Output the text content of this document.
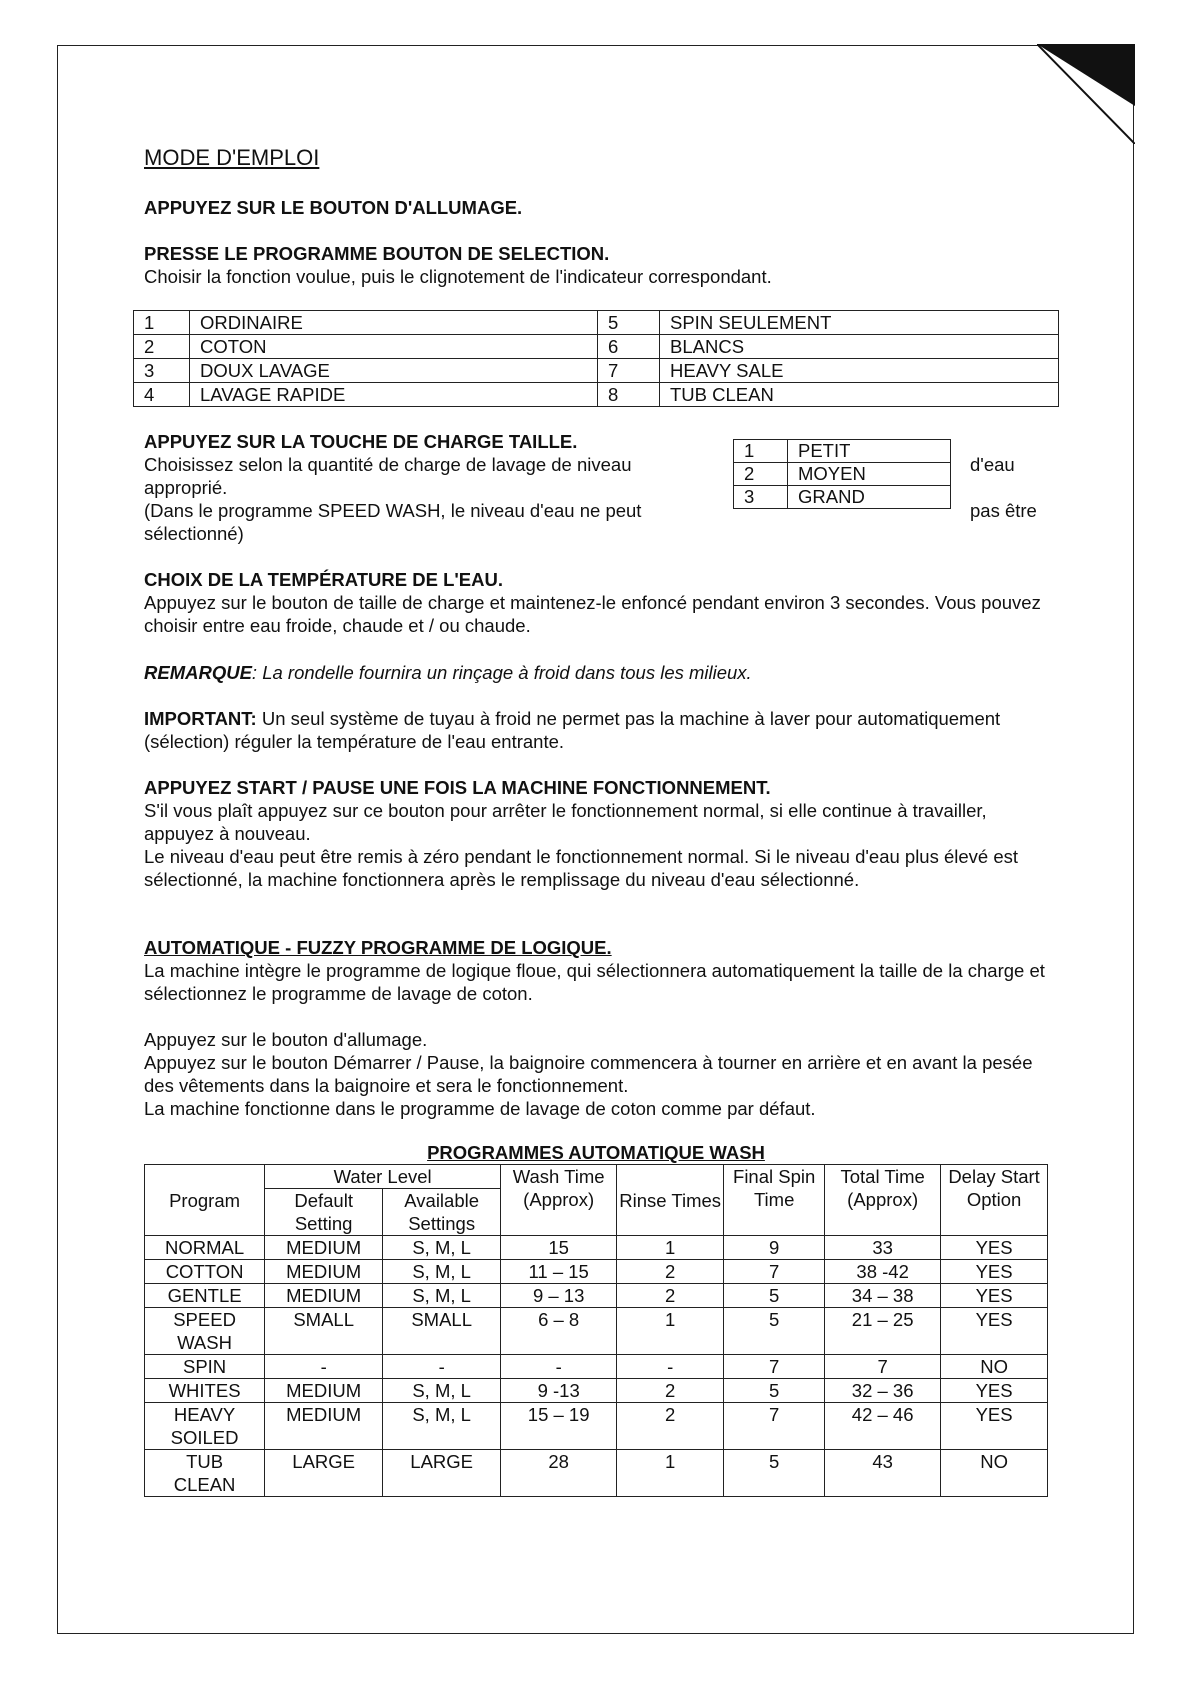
MODE D'EMPLOI

APPUYEZ SUR LE BOUTON D'ALLUMAGE.

PRESSE LE PROGRAMME BOUTON DE SELECTION.

Choisir la fonction voulue, puis le clignotement de l'indicateur correspondant.

1	ORDINAIRE	5	SPIN SEULEMENT
2	COTON	6	BLANCS
3	DOUX LAVAGE	7	HEAVY SALE
4	LAVAGE RAPIDE	8	TUB CLEAN

APPUYEZ SUR LA TOUCHE DE CHARGE TAILLE.

Choisissez selon la quantité de charge de lavage de niveau

approprié.

(Dans le programme SPEED WASH, le niveau d'eau ne peut

sélectionné)

1	PETIT
2	MOYEN
3	GRAND
d'eau
pas être

CHOIX DE LA TEMPÉRATURE DE L'EAU.

Appuyez sur le bouton de taille de charge et maintenez-le enfoncé pendant environ 3 secondes. Vous pouvez choisir entre eau froide, chaude et / ou chaude.

REMARQUE: La rondelle fournira un rinçage à froid dans tous les milieux.

IMPORTANT: Un seul système de tuyau à froid ne permet pas la machine à laver pour automatiquement (sélection) réguler la température de l'eau entrante.

APPUYEZ START / PAUSE UNE FOIS LA MACHINE FONCTIONNEMENT.

S'il vous plaît appuyez sur ce bouton pour arrêter le fonctionnement normal, si elle continue à travailler, appuyez à nouveau.

Le niveau d'eau peut être remis à zéro pendant le fonctionnement normal. Si le niveau d'eau plus élevé est sélectionné, la machine fonctionnera après le remplissage du niveau d'eau sélectionné.

AUTOMATIQUE - FUZZY PROGRAMME DE LOGIQUE.

La machine intègre le programme de logique floue, qui sélectionnera automatiquement la taille de la charge et sélectionnez le programme de lavage de coton.

Appuyez sur le bouton d'allumage.

Appuyez sur le bouton Démarrer / Pause, la baignoire commencera à tourner en arrière et en avant la pesée des vêtements dans la baignoire et sera le fonctionnement.

La machine fonctionne dans le programme de lavage de coton comme par défaut.

PROGRAMMES AUTOMATIQUE WASH
Program	Water Level		Wash Time (Approx)	Rinse Times	Final Spin Time	Total Time (Approx)	Delay Start Option
	Default Setting	Available Settings					
NORMAL	MEDIUM	S, M, L	15	1	9	33	YES
COTTON	MEDIUM	S, M, L	11 – 15	2	7	38 -42	YES
GENTLE	MEDIUM	S, M, L	9 – 13	2	5	34 – 38	YES
SPEED WASH	SMALL	SMALL	6 – 8	1	5	21 – 25	YES
SPIN	-	-	-	-	7	7	NO
WHITES	MEDIUM	S, M, L	9 -13	2	5	32 – 36	YES
HEAVY SOILED	MEDIUM	S, M, L	15 – 19	2	7	42 – 46	YES
TUB CLEAN	LARGE	LARGE	28	1	5	43	NO
